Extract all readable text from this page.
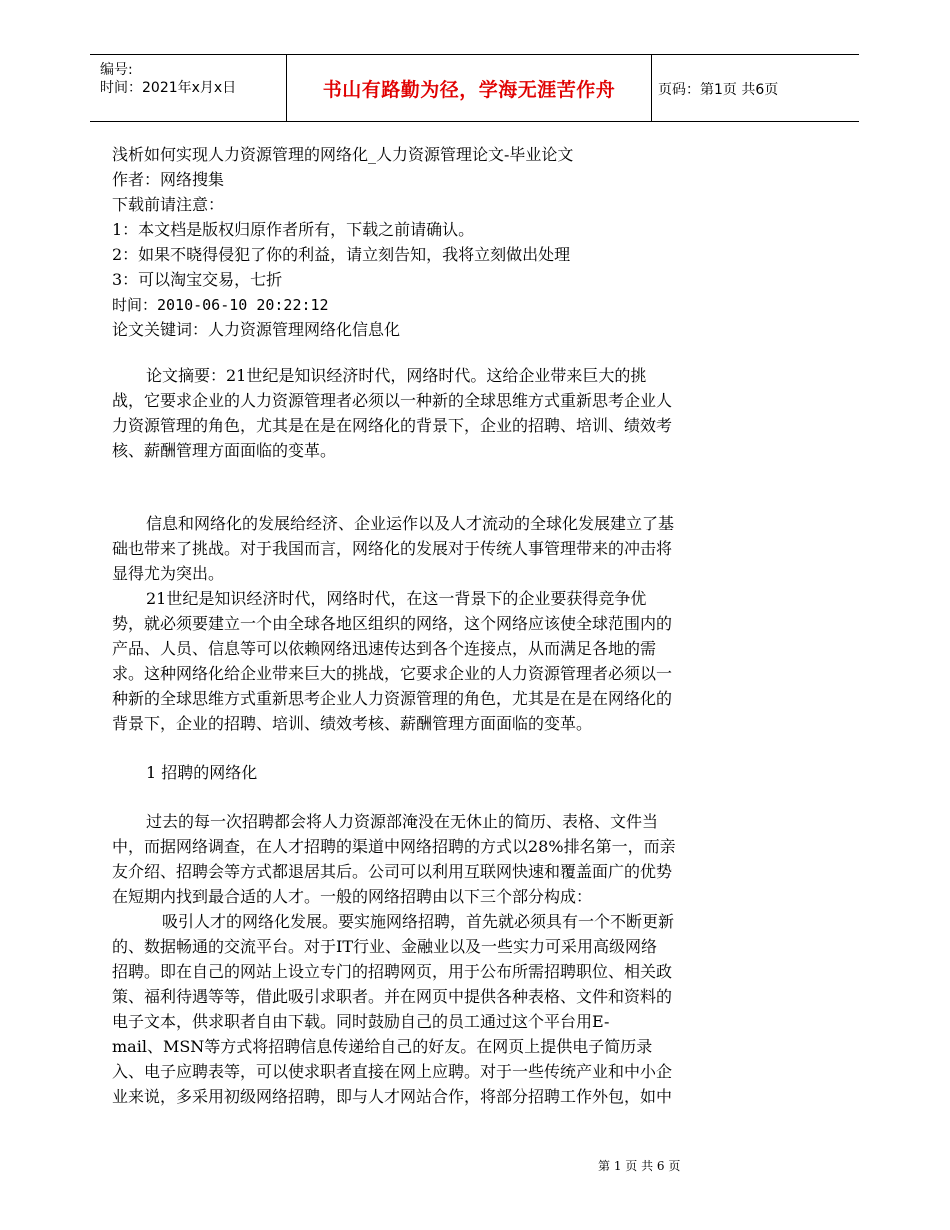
编号:
时间：2021年x月x日	书山有路勤为径，学海无涯苦作舟	页码：第1页 共6页
浅析如何实现人力资源管理的网络化_人力资源管理论文-毕业论文
作者：网络搜集
下载前请注意：
1：本文档是版权归原作者所有，下载之前请确认。
2：如果不晓得侵犯了你的利益，请立刻告知，我将立刻做出处理
3：可以淘宝交易，七折
时间：2010-06-10 20:22:12
论文关键词：人力资源管理网络化信息化
论文摘要：21世纪是知识经济时代，网络时代。这给企业带来巨大的挑
战，它要求企业的人力资源管理者必须以一种新的全球思维方式重新思考企业人
力资源管理的角色，尤其是在是在网络化的背景下，企业的招聘、培训、绩效考
核、薪酬管理方面面临的变革。
信息和网络化的发展给经济、企业运作以及人才流动的全球化发展建立了基
础也带来了挑战。对于我国而言，网络化的发展对于传统人事管理带来的冲击将
显得尤为突出。
21世纪是知识经济时代，网络时代，在这一背景下的企业要获得竞争优
势，就必须要建立一个由全球各地区组织的网络，这个网络应该使全球范围内的
产品、人员、信息等可以依赖网络迅速传达到各个连接点，从而满足各地的需
求。这种网络化给企业带来巨大的挑战，它要求企业的人力资源管理者必须以一
种新的全球思维方式重新思考企业人力资源管理的角色，尤其是在是在网络化的
背景下，企业的招聘、培训、绩效考核、薪酬管理方面面临的变革。
1 招聘的网络化
过去的每一次招聘都会将人力资源部淹没在无休止的简历、表格、文件当
中，而据网络调查，在人才招聘的渠道中网络招聘的方式以28%排名第一，而亲
友介绍、招聘会等方式都退居其后。公司可以利用互联网快速和覆盖面广的优势
在短期内找到最合适的人才。一般的网络招聘由以下三个部分构成：
吸引人才的网络化发展。要实施网络招聘，首先就必须具有一个不断更新
的、数据畅通的交流平台。对于IT行业、金融业以及一些实力可采用高级网络
招聘。即在自己的网站上设立专门的招聘网页，用于公布所需招聘职位、相关政
策、福利待遇等等，借此吸引求职者。并在网页中提供各种表格、文件和资料的
电子文本，供求职者自由下载。同时鼓励自己的员工通过这个平台用E-
mail、MSN等方式将招聘信息传递给自己的好友。在网页上提供电子简历录
入、电子应聘表等，可以使求职者直接在网上应聘。对于一些传统产业和中小企
业来说，多采用初级网络招聘，即与人才网站合作，将部分招聘工作外包，如中
第 1 页 共 6 页
